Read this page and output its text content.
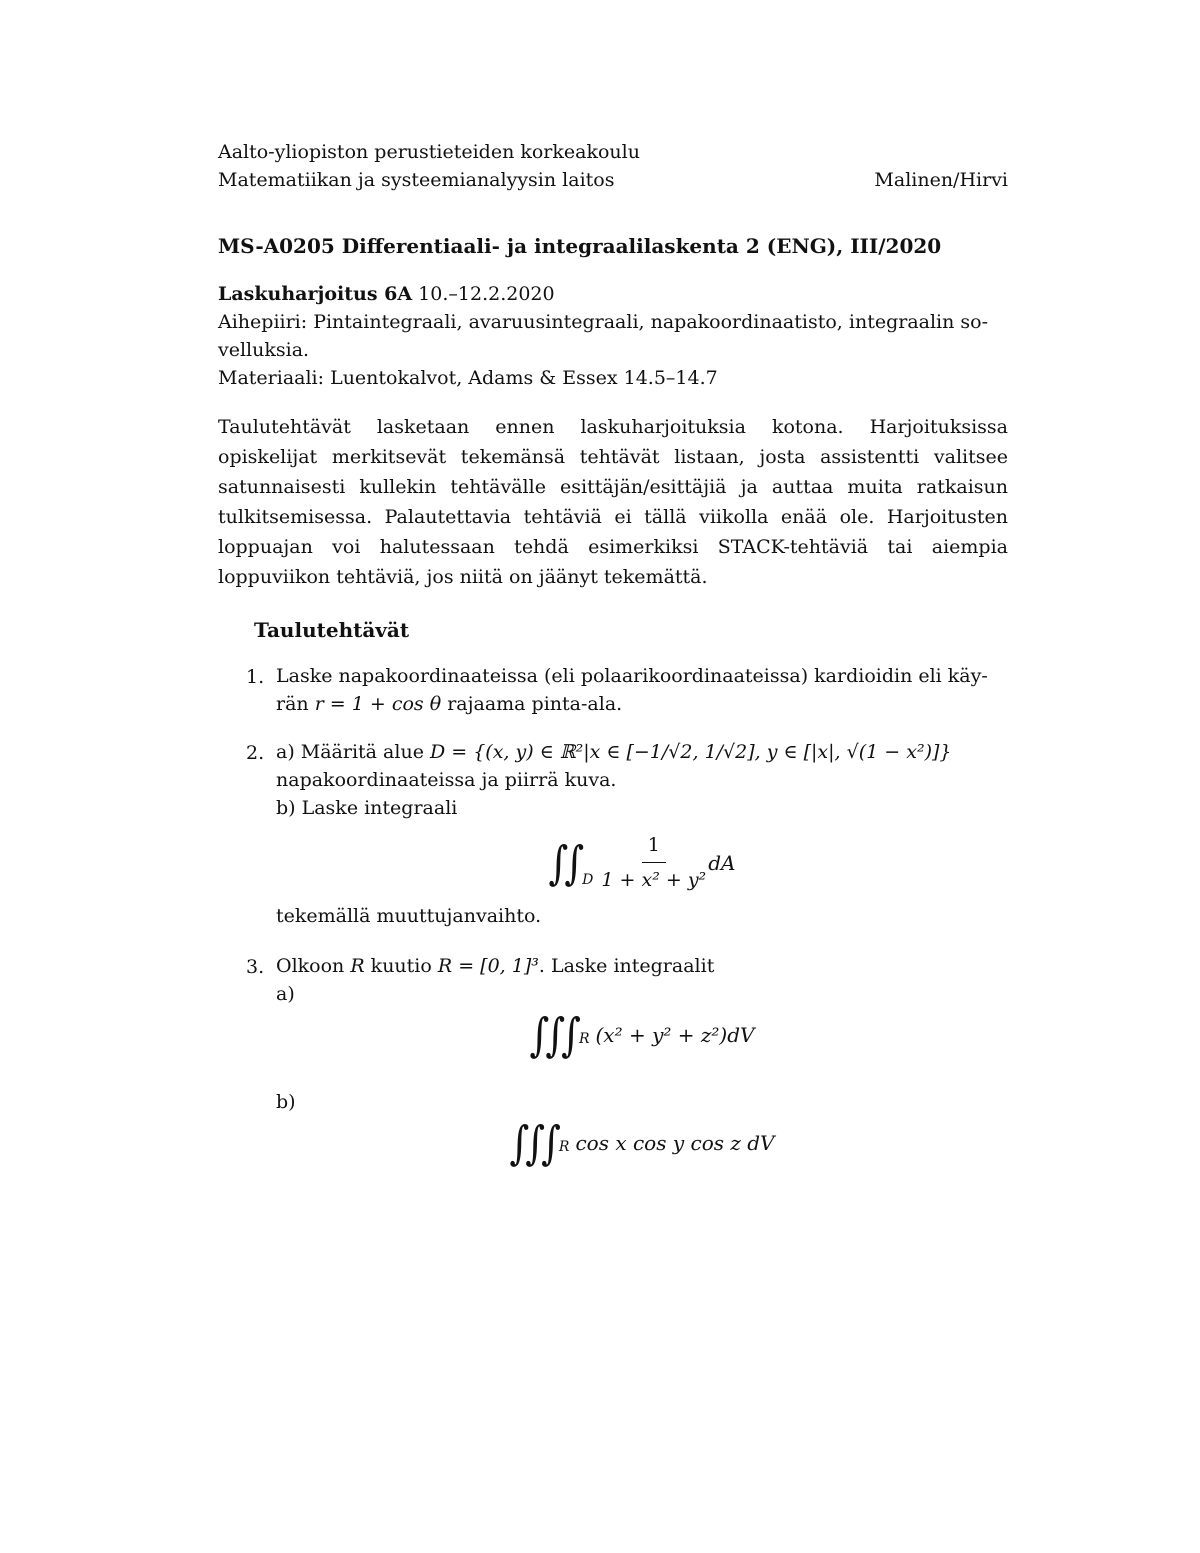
Aalto-yliopiston perustieteiden korkeakoulu
Matematiikan ja systeemianalyysin laitos	Malinen/Hirvi
MS-A0205 Differentiaali- ja integraalilaskenta 2 (ENG), III/2020
Laskuharjoitus 6A 10.–12.2.2020
Aihepiiri: Pintaintegraali, avaruusintegraali, napakoordinaatisto, integraalin so-
velluksia.
Materiaali: Luentokalvot, Adams & Essex 14.5–14.7
Taulutehtävät lasketaan ennen laskuharjoituksia kotona. Harjoituksissa opiskelijat merkitsevät tekemänsä tehtävät listaan, josta assistentti valitsee satunnaisesti kullekin tehtävälle esittäjän/esittäjiä ja auttaa muita ratkaisun tulkitsemisessa. Palautettavia tehtäviä ei tällä viikolla enää ole. Harjoitusten loppuajan voi halutessaan tehdä esimerkiksi STACK-tehtäviä tai aiempia loppuviikon tehtäviä, jos niitä on jäänyt tekemättä.
Taulutehtävät
1. Laske napakoordinaateissa (eli polaarikoordinaateissa) kardioidin eli käy-
rän r = 1 + cos θ rajaama pinta-ala.
2. a) Määritä alue D = {(x, y) ∈ ℝ²|x ∈ [−1/√2, 1/√2], y ∈ [|x|, √(1 − x²)]}
napakoordinaateissa ja piirrä kuva.
b) Laske integraali
∫
∫
D $\frac{1}{\text{1 + x² + y²}}$ dA
tekemällä muuttujanvaihto.
3. Olkoon R kuutio R = [0, 1]³. Laske integraalit
a)
∫
∫
∫
R (x² + y² + z²)dV
b)
∫
∫
∫
R cos x cos y cos z dV
